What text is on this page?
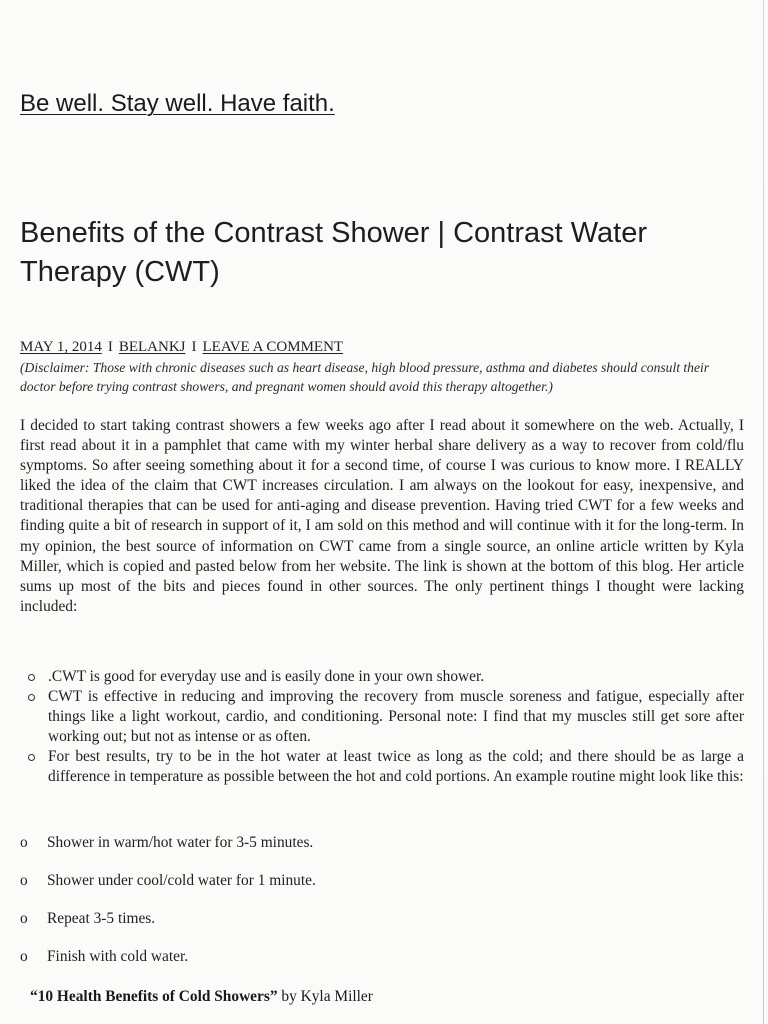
Be well. Stay well. Have faith.
Benefits of the Contrast Shower | Contrast Water Therapy (CWT)
MAY 1, 2014 I BELANKJ I LEAVE A COMMENT

(Disclaimer: Those with chronic diseases such as heart disease, high blood pressure, asthma and diabetes should consult their doctor before trying contrast showers, and pregnant women should avoid this therapy altogether.)

I decided to start taking contrast showers a few weeks ago after I read about it somewhere on the web. Actually, I first read about it in a pamphlet that came with my winter herbal share delivery as a way to recover from cold/flu symptoms. So after seeing something about it for a second time, of course I was curious to know more. I REALLY liked the idea of the claim that CWT increases circulation. I am always on the lookout for easy, inexpensive, and traditional therapies that can be used for anti-aging and disease prevention. Having tried CWT for a few weeks and finding quite a bit of research in support of it, I am sold on this method and will continue with it for the long-term. In my opinion, the best source of information on CWT came from a single source, an online article written by Kyla Miller, which is copied and pasted below from her website. The link is shown at the bottom of this blog. Her article sums up most of the bits and pieces found in other sources. The only pertinent things I thought were lacking included:

.CWT is good for everyday use and is easily done in your own shower.
CWT is effective in reducing and improving the recovery from muscle soreness and fatigue, especially after things like a light workout, cardio, and conditioning. Personal note: I find that my muscles still get sore after working out; but not as intense or as often.
For best results, try to be in the hot water at least twice as long as the cold; and there should be as large a difference in temperature as possible between the hot and cold portions. An example routine might look like this:
o Shower in warm/hot water for 3-5 minutes.
o Shower under cool/cold water for 1 minute.
o Repeat 3-5 times.
o Finish with cold water.
“10 Health Benefits of Cold Showers” by Kyla Miller
